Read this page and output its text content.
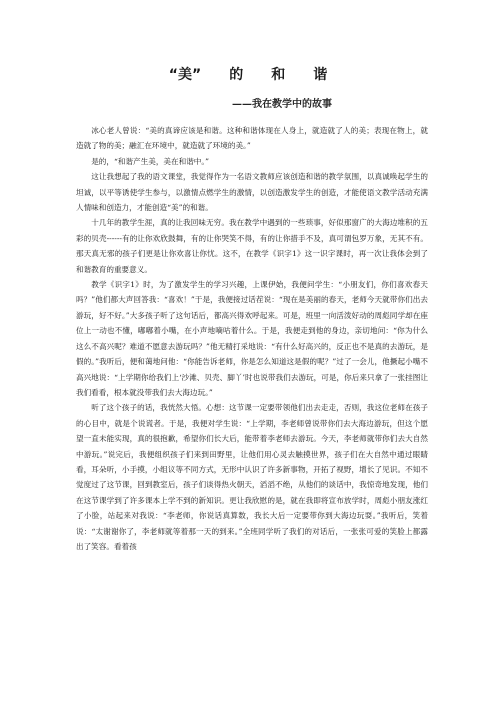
“美” 的 和 谐
——我在教学中的故事

冰心老人曾说：“美的真谛应该是和谐。这种和谐体现在人身上，就造就了人的美；表现在物上，就造就了物的美；融汇在环境中，就造就了环境的美。”

是的，“和谐产生美，美在和谐中。”

这让我想起了我的语文课堂，我觉得作为一名语文教师应该创造和谐的教学氛围，以真诚唤起学生的坦诚，以平等诱使学生参与，以激情点燃学生的激情，以创造激发学生的创造，才能使语文教学活动充满人情味和创造力，才能创造“美”的和谐。

十几年的教学生涯，真的让我回味无穷。我在教学中遇到的一些琐事，好似那窗广的大海边堆积的五彩的贝壳------有的让你欢欣鼓舞，有的让你哭笑不得，有的让你措手不及，真可谓包罗万象，无其不有。那天真无邪的孩子们更是让你欢喜让你忧。这不，在教学《识字1》这一识字课时，再一次让我体会到了和谐教育的重要意义。

教学《识字1》时，为了激发学生的学习兴趣，上课伊始，我便问学生：“小朋友们，你们喜欢春天吗？”他们都大声回答我：“喜欢！”于是，我便接过话茬说：“现在是美丽的春天，老师今天就带你们出去游玩，好不好。”大多孩子听了这句话后，都高兴得欢呼起来。可是，班里一向活泼好动的周彪同学却在座位上一动也不懂，嘟嘟着小嘴，在小声地嘀咕着什么。于是，我便走到他的身边，亲切地问：“你为什么这么不高兴呢？难道不愿意去游玩吗？”他无精打采地说：“有什么好高兴的，反正也不是真的去游玩，是假的。”我听后，便和蔼地问他：“你能告诉老师，你是怎么知道这是假的呢？”过了一会儿，他撅起小嘴不高兴地说：“上学期你给我们上‘沙滩、贝壳、脚丫’时也说带我们去游玩，可是，你后来只拿了一张挂图让我们看看，根本就没带我们去大海边玩。”

听了这个孩子的话，我恍然大悟。心想：这节课一定要带领他们出去走走，否则，我这位老师在孩子的心目中，就是个说谎者。于是，我便对学生说：“上学期，李老师曾说带你们去大海边游玩，但这个愿望一直未能实现，真的很抱歉，希望你们长大后，能带着李老师去游玩。今天，李老师就带你们去大自然中游玩。”说完后，我便组织孩子们来到田野里，让他们用心灵去触摸世界，孩子们在大自然中通过眼睛看，耳朵听，小手摸，小组议等不同方式，无形中认识了许多新事物，开拓了视野，增长了见识。不知不觉度过了这节课，回到教室后，孩子们谈得热火朝天，滔滔不绝，从他们的谈话中，我惊奇地发现，他们在这节课学到了许多课本上学不到的新知识。更让我欣慰的是，就在我即将宣布放学时，周彪小朋友涨红了小脸，站起来对我说：“李老师，你说话真算数，我长大后一定要带你到大海边玩耍。”我听后，笑着说：“太谢谢你了，李老师就等着那一天的到来。”全班同学听了我们的对话后，一张张可爱的笑脸上都露出了笑容。看着孩
